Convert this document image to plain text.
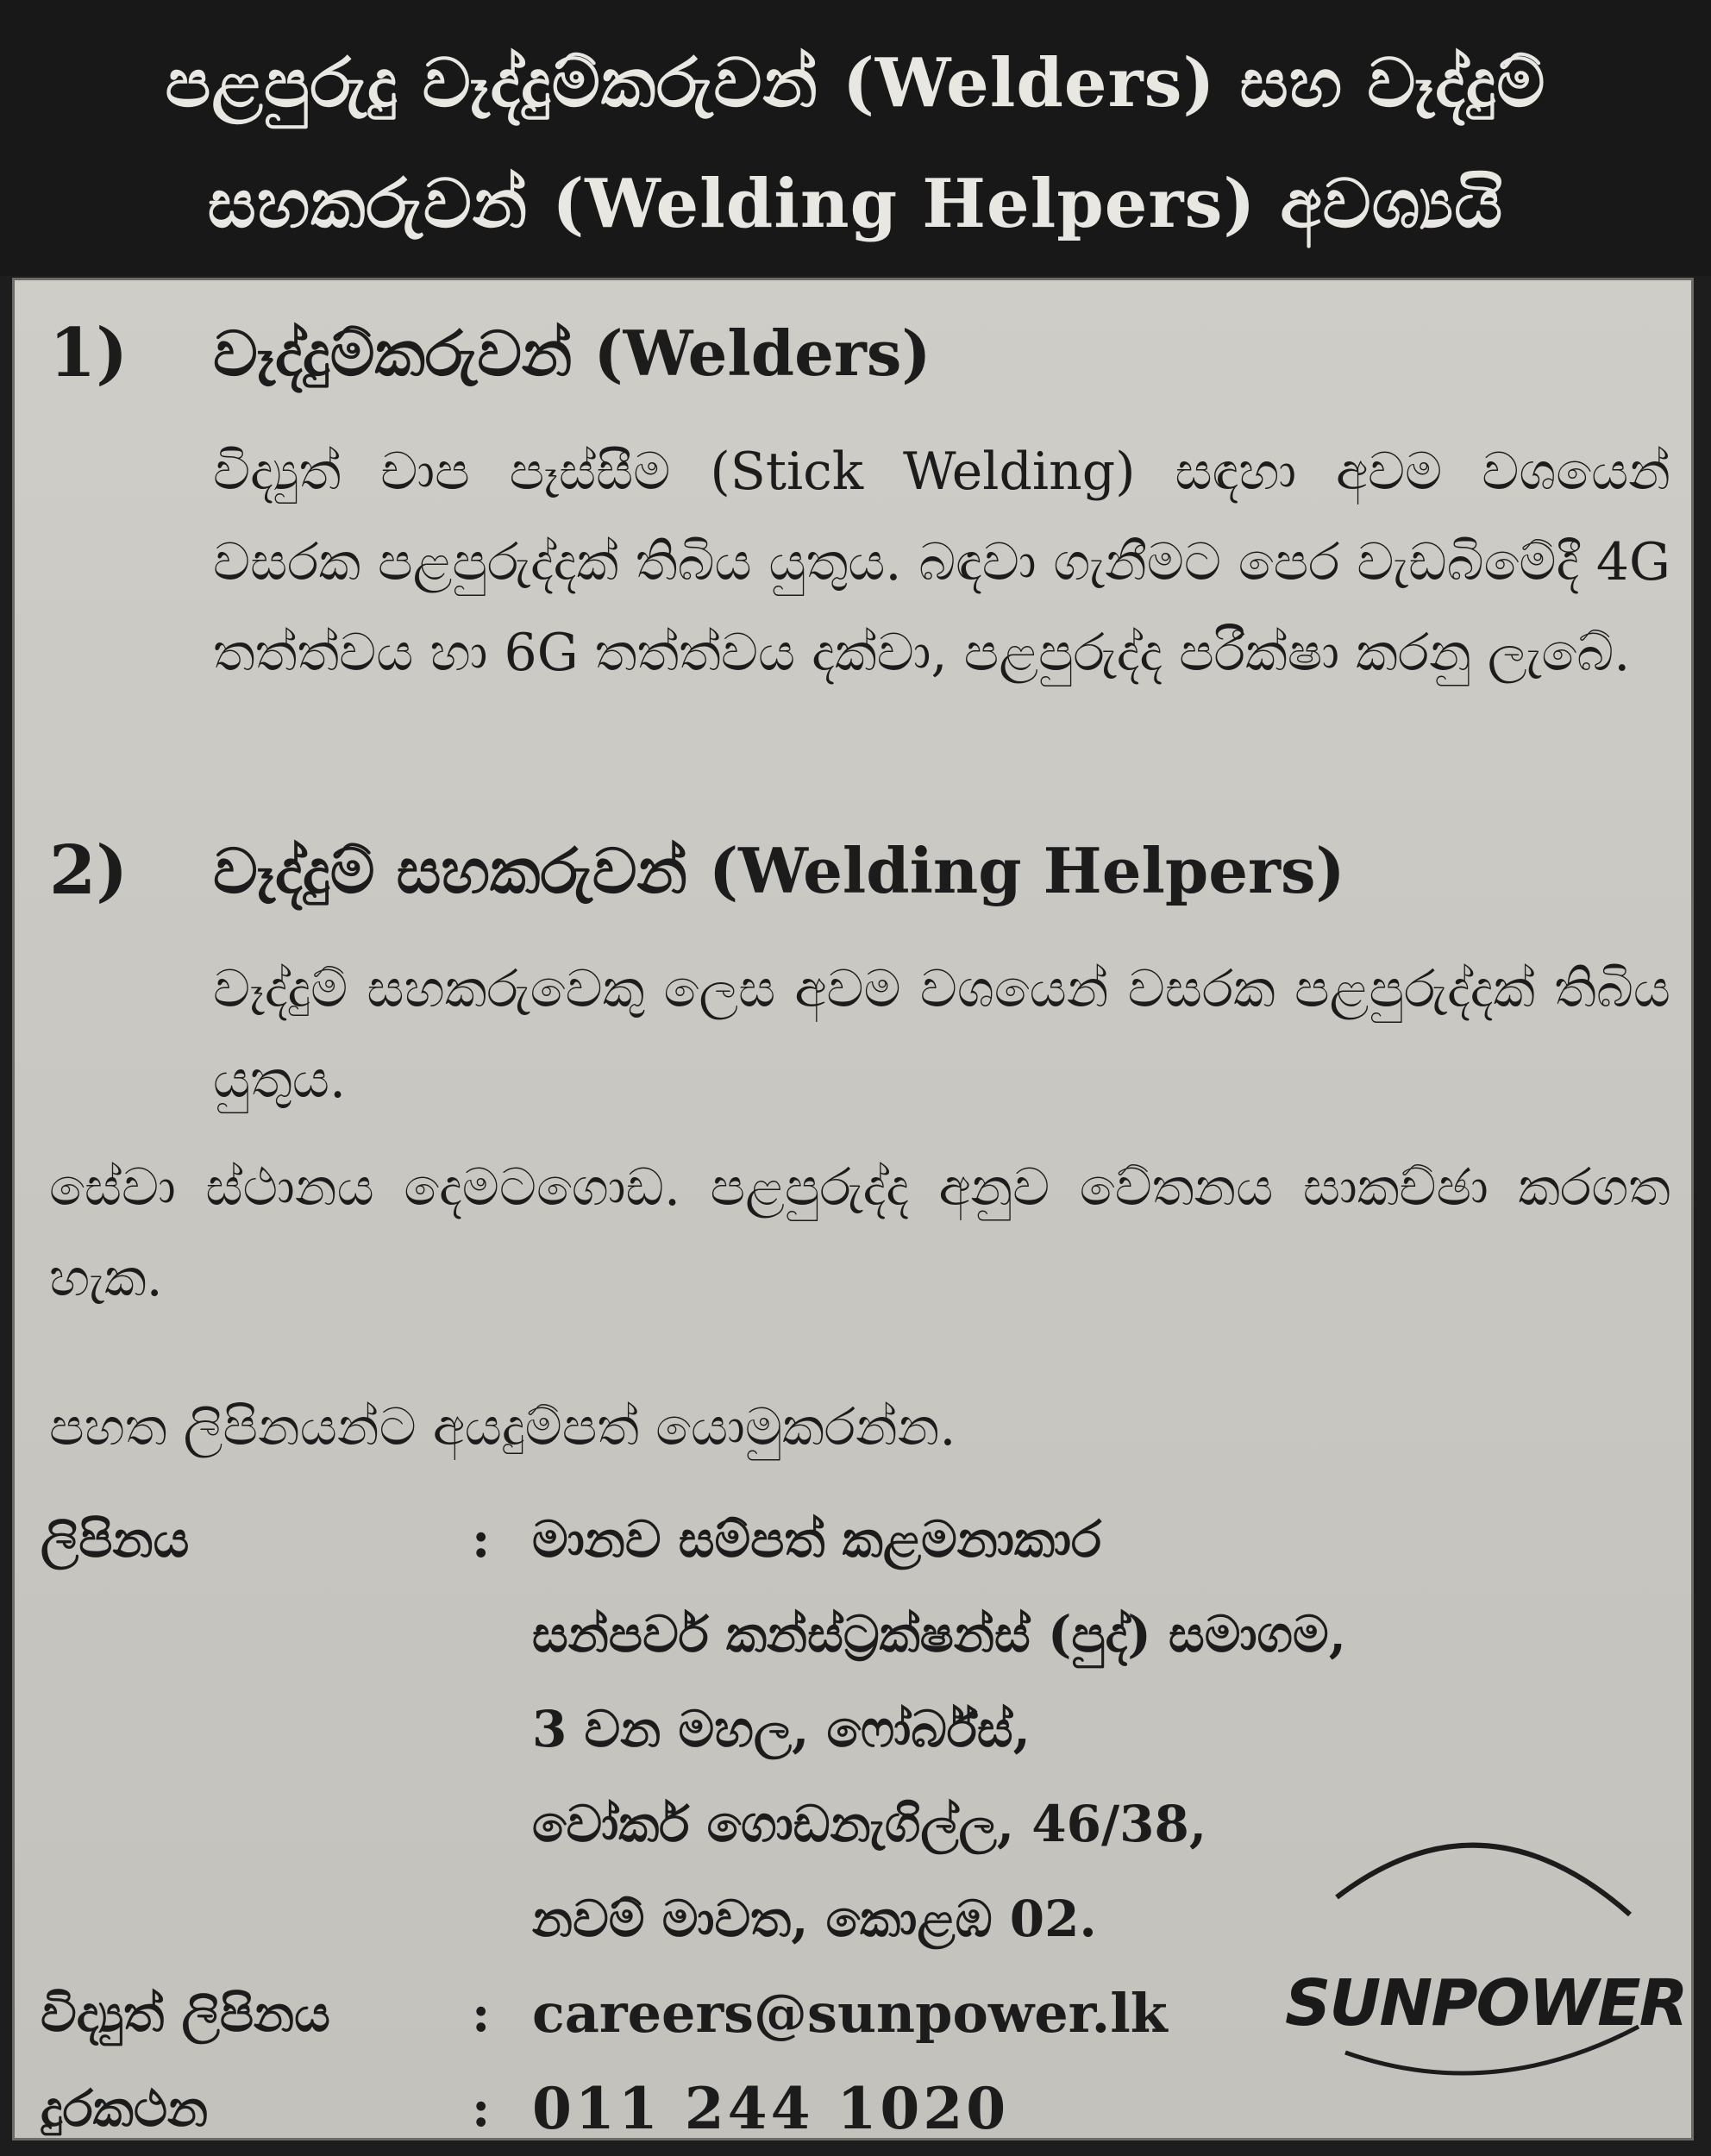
පළපුරුදු වෑද්දුම්කරුවන් (Welders) සහ වෑද්දුම්
සහකරුවන් (Welding Helpers) අවශ්‍යයි
1) වෑද්දුම්කරුවන් (Welders)
විද්‍යුත් චාප පෑස්සීම (Stick Welding) සඳහා අවම වශයෙන් වසරක පළපුරුද්දක් තිබිය යුතුය. බඳවා ගැනීමට පෙර වැඩබිමේදී 4G තත්ත්වය හා 6G තත්ත්වය දක්වා, පළපුරුද්ද පරීක්ෂා කරනු ලැබේ.
2) වෑද්දුම් සහකරුවන් (Welding Helpers)
වෑද්දුම් සහකරුවෙකු ලෙස අවම වශයෙන් වසරක පළපුරුද්දක් තිබිය යුතුය.
සේවා ස්ථානය දෙමටගොඩ. පළපුරුද්ද අනුව වේතනය සාකච්ඡා කරගත හැක.
පහත ලිපිනයන්ට අයදුම්පත් යොමුකරන්න.
ලිපිනය	: මානව සම්පත් කළමනාකාර
සන්පවර් කන්ස්ට්‍රක්ෂන්ස් (පුද්) සමාගම,
3 වන මහල, ෆෝර්බ්ස්,
වෝකර් ගොඩනැගිල්ල, 46/38,
නවම් මාවත, කොළඹ 02.
විද්‍යුත් ලිපිනය	: careers@sunpower.lk
දුරකථන	: 011 244 1020
SUNPOWER
